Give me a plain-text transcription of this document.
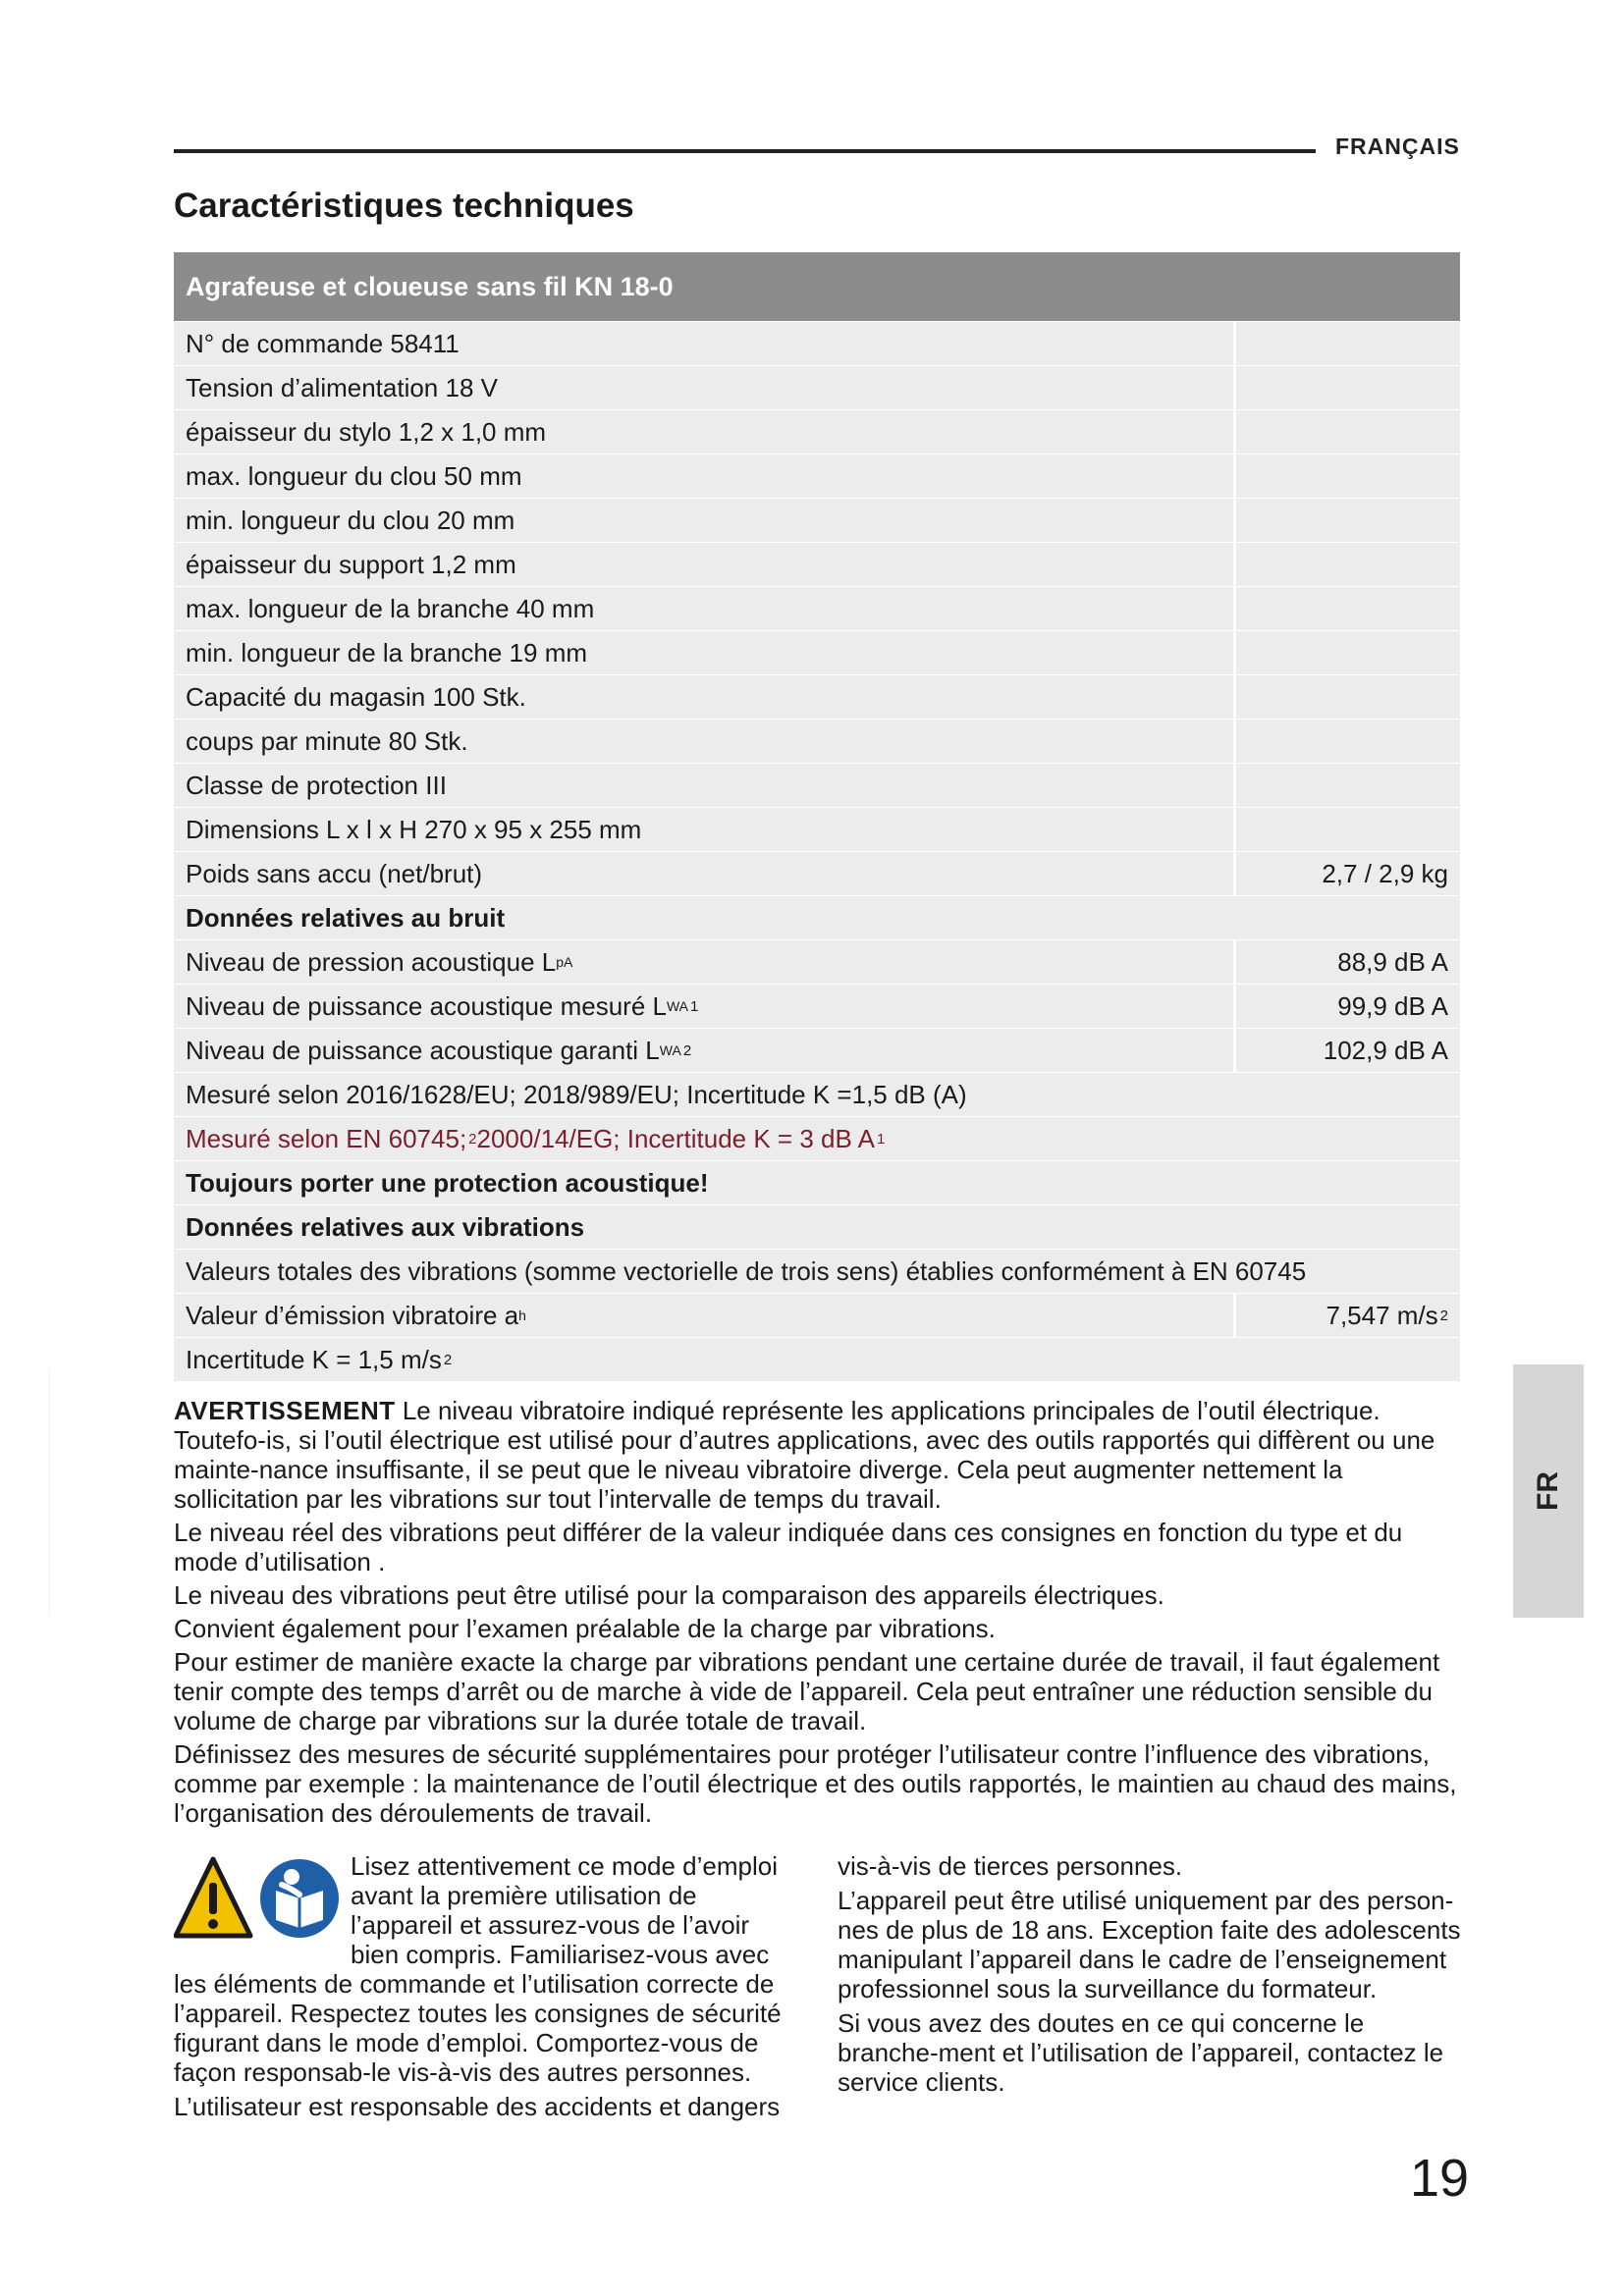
FRANÇAIS
Caractéristiques techniques
Agrafeuse et cloueuse sans fil KN 18-0
N° de commande 58411
Tension d’alimentation 18 V
épaisseur du stylo 1,2 x 1,0 mm
max. longueur du clou 50 mm
min. longueur du clou 20 mm
épaisseur du support 1,2 mm
max. longueur de la branche 40 mm
min. longueur de la branche 19 mm
Capacité du magasin 100 Stk.
coups par minute 80 Stk.
Classe de protection III
Dimensions L x l x H 270 x 95 x 255 mm
Poids sans accu (net/brut)	2,7 / 2,9 kg
Données relatives au bruit
Niveau de pression acoustique L pA	88,9 dB A
Niveau de puissance acoustique mesuré L WA 1	99,9 dB A
Niveau de puissance acoustique garanti L WA 2	102,9 dB A
Mesuré selon 2016/1628/EU; 2018/989/EU; Incertitude K =1,5 dB (A)
Mesuré selon EN 60745; 2 2000/14/EG; Incertitude K = 3 dB A 1
Toujours porter une protection acoustique!
Données relatives aux vibrations
Valeurs totales des vibrations (somme vectorielle de trois sens) établies conformément à EN 60745
Valeur d’émission vibratoire a h	7,547 m/s 2
Incertitude K = 1,5 m/s 2
FR

AVERTISSEMENT Le niveau vibratoire indiqué représente les applications principales de l’outil électrique. Toutefo-is, si l’outil électrique est utilisé pour d’autres applications, avec des outils rapportés qui diffèrent ou une mainte-nance insuffisante, il se peut que le niveau vibratoire diverge. Cela peut augmenter nettement la sollicitation par les vibrations sur tout l’intervalle de temps du travail.

Le niveau réel des vibrations peut différer de la valeur indiquée dans ces consignes en fonction du type et du mode d’utilisation .

Le niveau des vibrations peut être utilisé pour la comparaison des appareils électriques.

Convient également pour l’examen préalable de la charge par vibrations.

Pour estimer de manière exacte la charge par vibrations pendant une certaine durée de travail, il faut également tenir compte des temps d’arrêt ou de marche à vide de l’appareil. Cela peut entraîner une réduction sensible du volume de charge par vibrations sur la durée totale de travail.

Définissez des mesures de sécurité supplémentaires pour protéger l’utilisateur contre l’influence des vibrations, comme par exemple : la maintenance de l’outil électrique et des outils rapportés, le maintien au chaud des mains, l’organisation des déroulements de travail.

Lisez attentivement ce mode d’emploi avant la première utilisation de l’appareil et assurez-vous de l’avoir bien compris. Familiarisez-vous avec les éléments de commande et l’utilisation correcte de l’appareil. Respectez toutes les consignes de sécurité figurant dans le mode d’emploi. Comportez-vous de façon responsab-le vis-à-vis des autres personnes.

L’utilisateur est responsable des accidents et dangers

vis-à-vis de tierces personnes.

L’appareil peut être utilisé uniquement par des person-nes de plus de 18 ans. Exception faite des adolescents manipulant l’appareil dans le cadre de l’enseignement professionnel sous la surveillance du formateur.

Si vous avez des doutes en ce qui concerne le branche-ment et l’utilisation de l’appareil, contactez le service clients.

19
